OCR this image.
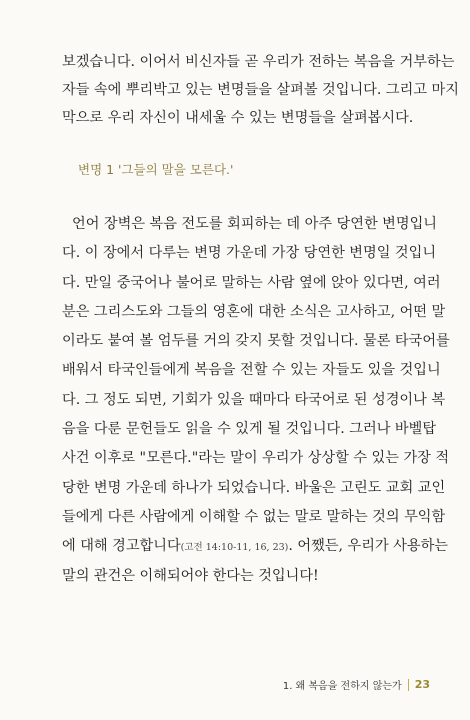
보겠습니다. 이어서 비신자들 곧 우리가 전하는 복음을 거부하는
자들 속에 뿌리박고 있는 변명들을 살펴볼 것입니다. 그리고 마지
막으로 우리 자신이 내세울 수 있는 변명들을 살펴봅시다.
변명 1 '그들의 말을 모른다.'
언어 장벽은 복음 전도를 회피하는 데 아주 당연한 변명입니
다. 이 장에서 다루는 변명 가운데 가장 당연한 변명일 것입니
다. 만일 중국어나 불어로 말하는 사람 옆에 앉아 있다면, 여러
분은 그리스도와 그들의 영혼에 대한 소식은 고사하고, 어떤 말
이라도 붙여 볼 엄두를 거의 갖지 못할 것입니다. 물론 타국어를
배워서 타국인들에게 복음을 전할 수 있는 자들도 있을 것입니
다. 그 정도 되면, 기회가 있을 때마다 타국어로 된 성경이나 복
음을 다룬 문헌들도 읽을 수 있게 될 것입니다. 그러나 바벨탑
사건 이후로 "모른다."라는 말이 우리가 상상할 수 있는 가장 적
당한 변명 가운데 하나가 되었습니다. 바울은 고린도 교회 교인
들에게 다른 사람에게 이해할 수 없는 말로 말하는 것의 무익함
에 대해 경고합니다(고전 14:10-11, 16, 23). 어쨌든, 우리가 사용하는
말의 관건은 이해되어야 한다는 것입니다!
1. 왜 복음을 전하지 않는가 23
